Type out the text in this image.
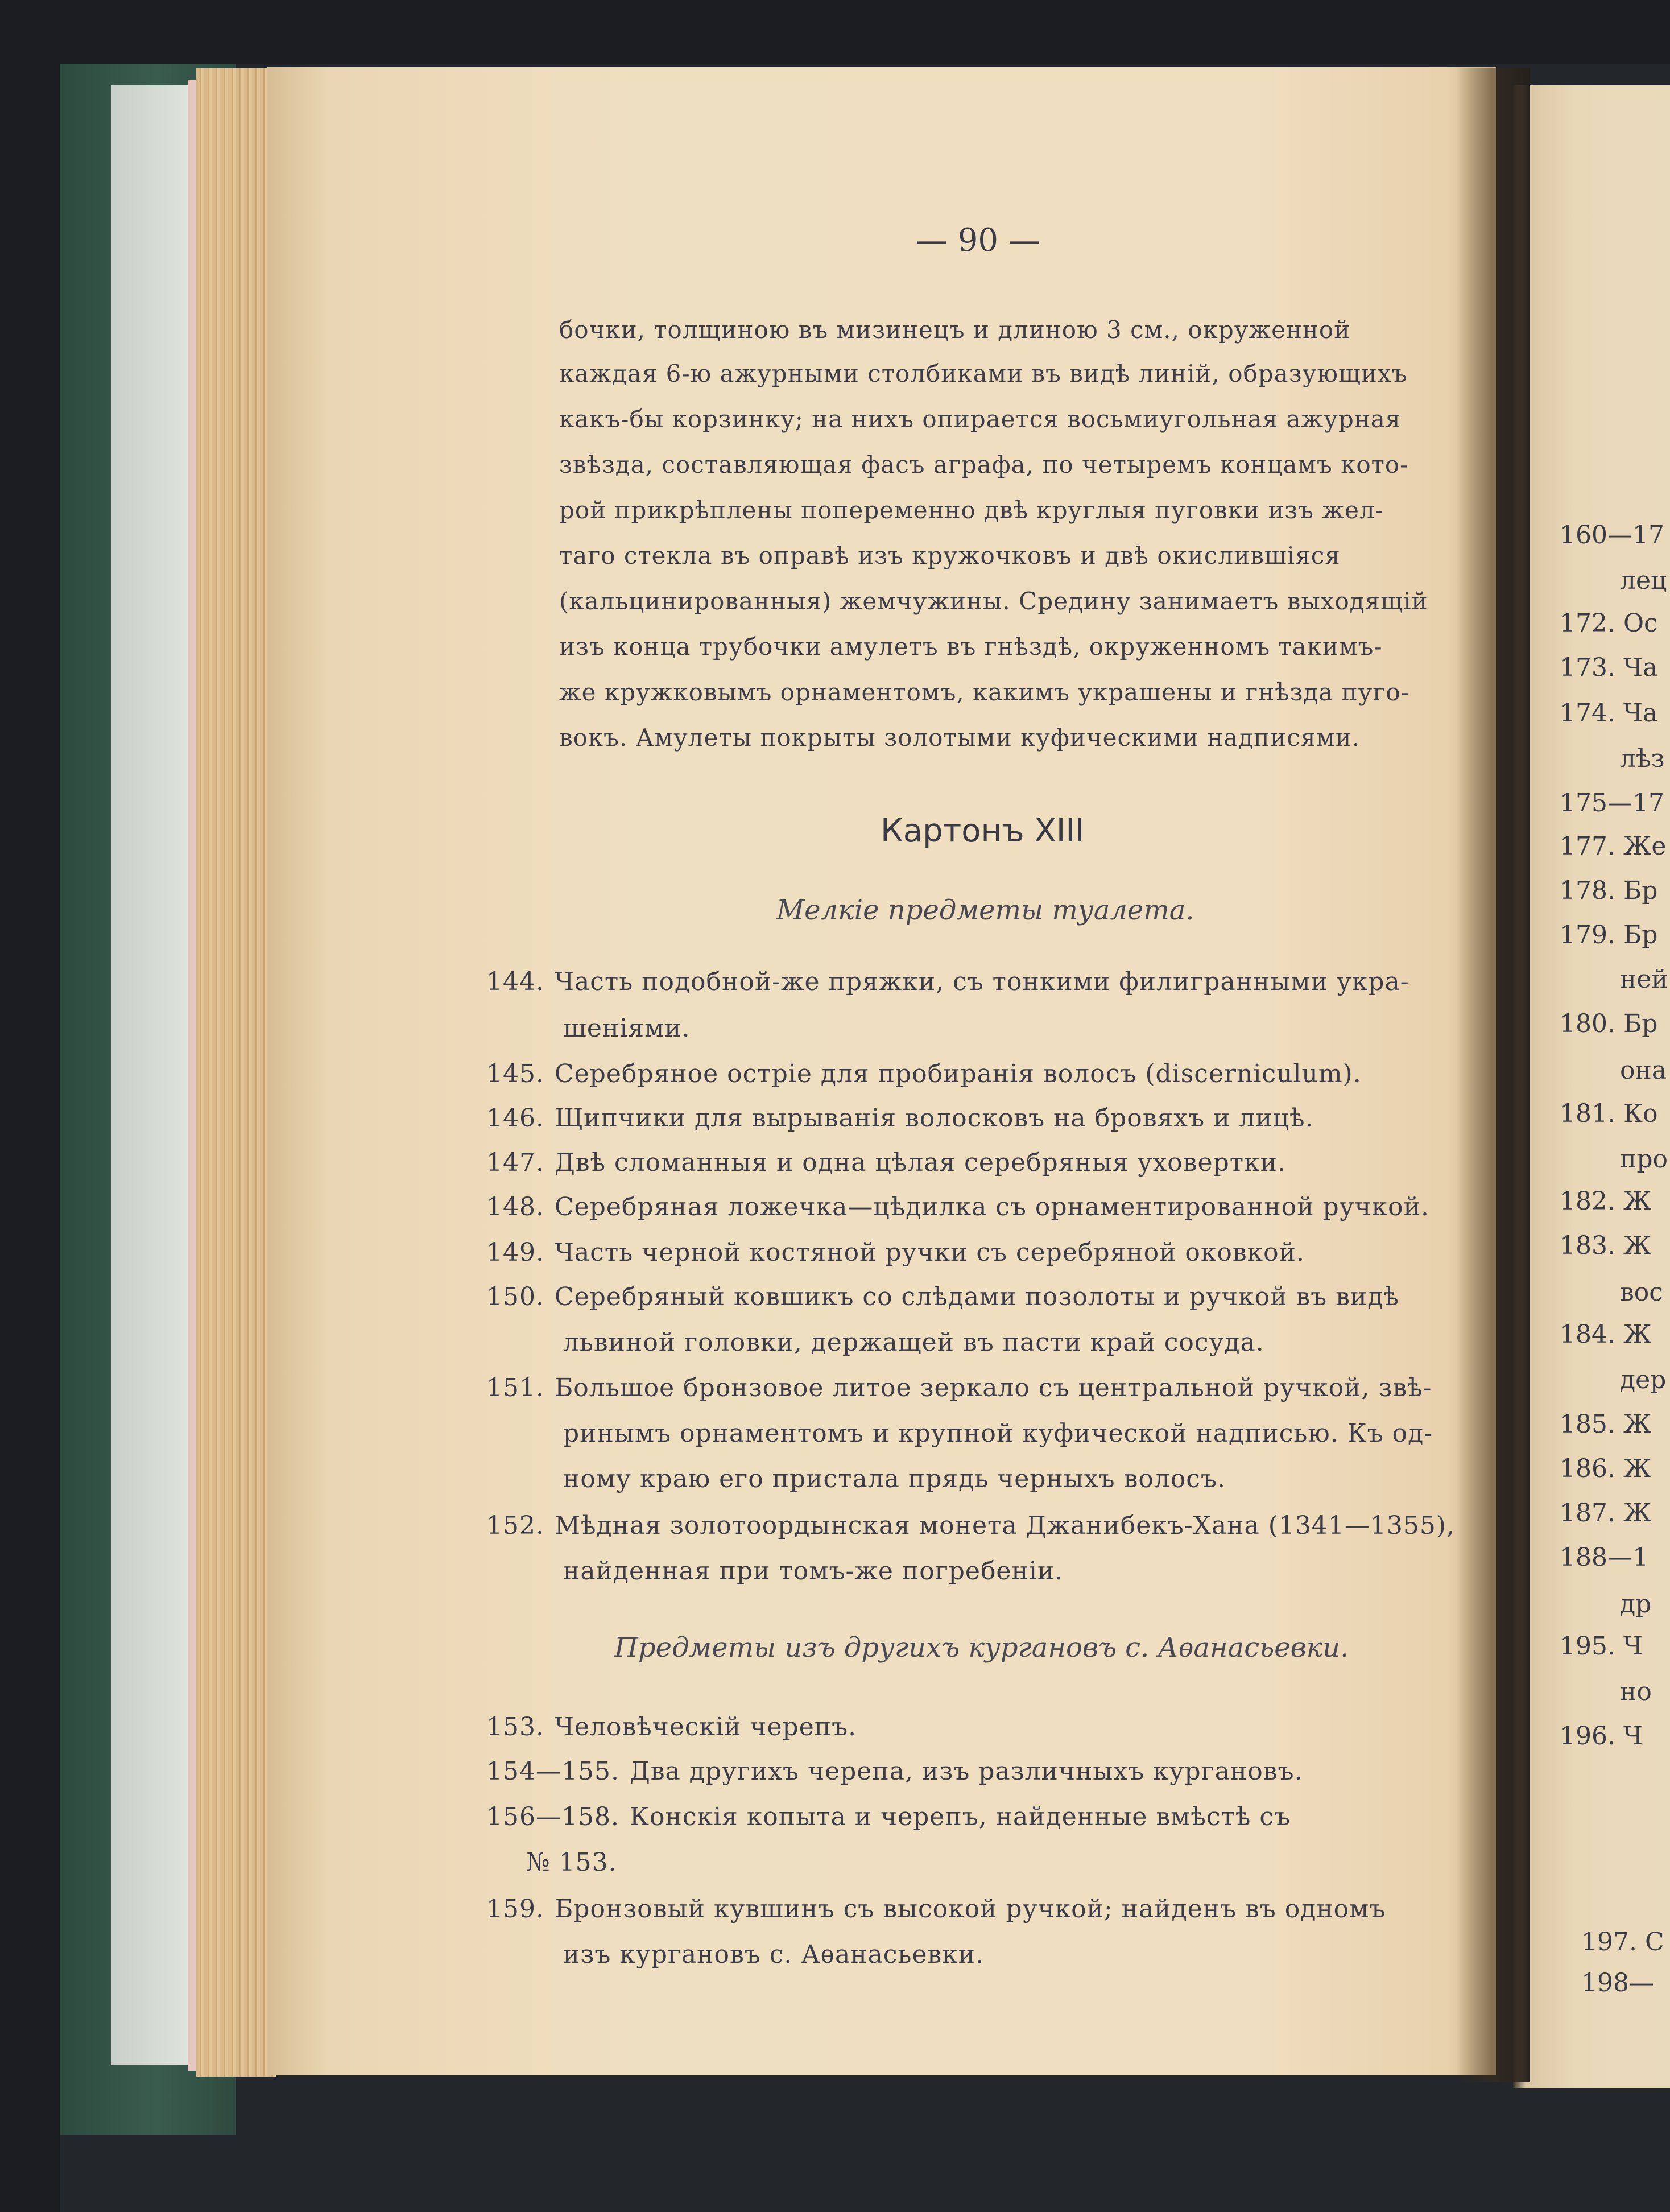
— 90 —

бочки, толщиною въ мизинецъ и длиною 3 см., окруженной

каждая 6-ю ажурными столбиками въ видѣ линій, образующихъ

какъ-бы корзинку; на нихъ опирается восьмиугольная ажурная

звѣзда, составляющая фасъ аграфа, по четыремъ концамъ кото-

рой прикрѣплены попеременно двѣ круглыя пуговки изъ жел-

таго стекла въ оправѣ изъ кружочковъ и двѣ окислившіяся

(кальцинированныя) жемчужины. Средину занимаетъ выходящій

изъ конца трубочки амулетъ въ гнѣздѣ, окруженномъ такимъ-

же кружковымъ орнаментомъ, какимъ украшены и гнѣзда пуго-

вокъ. Амулеты покрыты золотыми куфическими надписями.

Картонъ XIII
Мелкіе предметы туалета.
144. Часть подобной-же пряжки, съ тонкими филигранными укра-
шеніями.
145. Серебряное остріе для пробиранія волосъ (discerniculum).
146. Щипчики для вырыванія волосковъ на бровяхъ и лицѣ.
147. Двѣ сломанныя и одна цѣлая серебряныя уховертки.
148. Серебряная ложечка—цѣдилка съ орнаментированной ручкой.
149. Часть черной костяной ручки съ серебряной оковкой.
150. Серебряный ковшикъ со слѣдами позолоты и ручкой въ видѣ
львиной головки, держащей въ пасти край сосуда.
151. Большое бронзовое литое зеркало съ центральной ручкой, звѣ-
ринымъ орнаментомъ и крупной куфической надписью. Къ од-
ному краю его пристала прядь черныхъ волосъ.
152. Мѣдная золотоордынская монета Джанибекъ-Хана (1341—1355),
найденная при томъ-же погребеніи.
Предметы изъ другихъ кургановъ с. Аѳанасьевки.
153. Человѣческій черепъ.
154—155. Два другихъ черепа, изъ различныхъ кургановъ.
156—158. Конскія копыта и черепъ, найденные вмѣстѣ съ
№ 153.
159. Бронзовый кувшинъ съ высокой ручкой; найденъ въ одномъ
изъ кургановъ с. Аѳанасьевки.
160—17
лец
172. Ос
173. Ча
174. Ча
лѣз
175—17
177. Же
178. Бр
179. Бр
ней
180. Бр
она
181. Ко
про
182. Ж
183. Ж
вос
184. Ж
дер
185. Ж
186. Ж
187. Ж
188—1
др
195. Ч
но
196. Ч
197. С
198—
